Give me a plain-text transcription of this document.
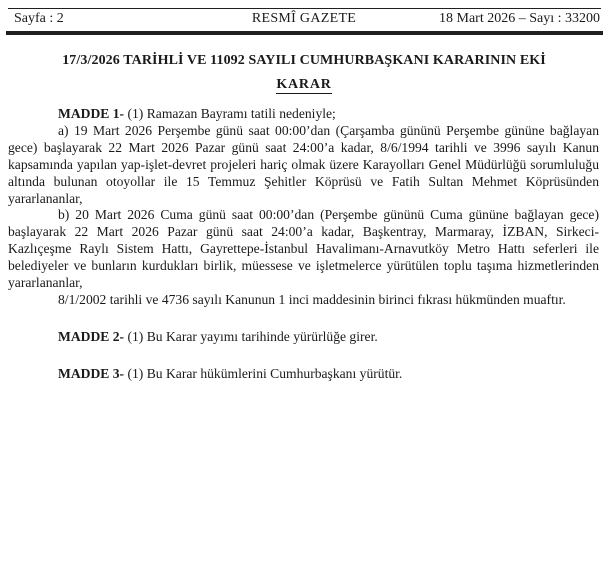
Sayfa : 2	RESMÎ GAZETE	18 Mart 2026 – Sayı : 33200
17/3/2026 TARİHLİ VE 11092 SAYILI CUMHURBAŞKANI KARARININ EKİ
KARAR

MADDE 1- (1) Ramazan Bayramı tatili nedeniyle;

a) 19 Mart 2026 Perşembe günü saat 00:00’dan (Çarşamba gününü Perşembe gününe bağlayan gece) başlayarak 22 Mart 2026 Pazar günü saat 24:00’a kadar, 8/6/1994 tarihli ve 3996 sayılı Kanun kapsamında yapılan yap-işlet-devret projeleri hariç olmak üzere Karayolları Genel Müdürlüğü sorumluluğu altında bulunan otoyollar ile 15 Temmuz Şehitler Köprüsü ve Fatih Sultan Mehmet Köprüsünden yararlananlar,

b) 20 Mart 2026 Cuma günü saat 00:00’dan (Perşembe gününü Cuma gününe bağlayan gece) başlayarak 22 Mart 2026 Pazar günü saat 24:00’a kadar, Başkentray, Marmaray, İZBAN, Sirkeci-Kazlıçeşme Raylı Sistem Hattı, Gayrettepe-İstanbul Havalimanı-Arnavutköy Metro Hattı seferleri ile belediyeler ve bunların kurdukları birlik, müessese ve işletmelerce yürütülen toplu taşıma hizmetlerinden yararlananlar,

8/1/2002 tarihli ve 4736 sayılı Kanunun 1 inci maddesinin birinci fıkrası hükmünden muaftır.

MADDE 2- (1) Bu Karar yayımı tarihinde yürürlüğe girer.

MADDE 3- (1) Bu Karar hükümlerini Cumhurbaşkanı yürütür.
